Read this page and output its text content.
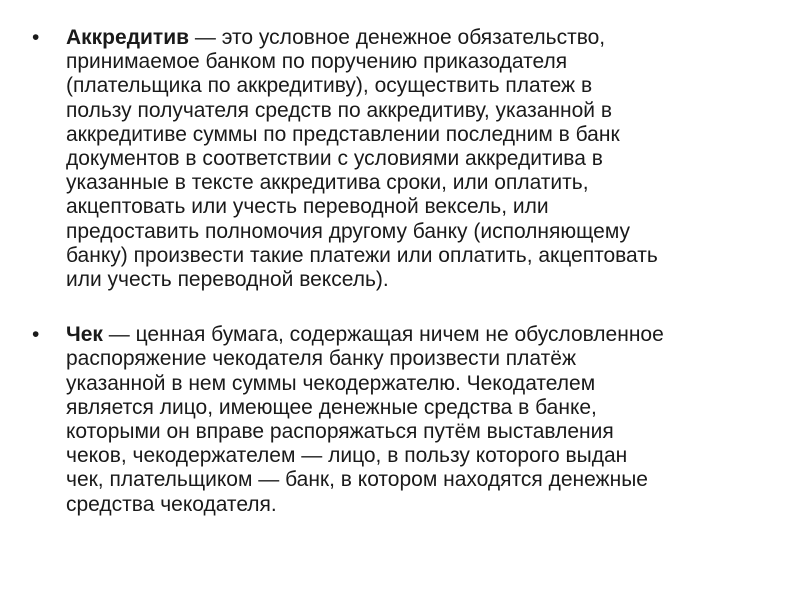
• Аккредитив — это условное денежное обязательство,
принимаемое банком по поручению приказодателя
(плательщика по аккредитиву), осуществить платеж в
пользу получателя средств по аккредитиву, указанной в
аккредитиве суммы по представлении последним в банк
документов в соответствии с условиями аккредитива в
указанные в тексте аккредитива сроки, или оплатить,
акцептовать или учесть переводной вексель, или
предоставить полномочия другому банку (исполняющему
банку) произвести такие платежи или оплатить, акцептовать
или учесть переводной вексель).

• Чек — ценная бумага, содержащая ничем не обусловленное
распоряжение чекодателя банку произвести платёж
указанной в нем суммы чекодержателю. Чекодателем
является лицо, имеющее денежные средства в банке,
которыми он вправе распоряжаться путём выставления
чеков, чекодержателем — лицо, в пользу которого выдан
чек, плательщиком — банк, в котором находятся денежные
средства чекодателя.
